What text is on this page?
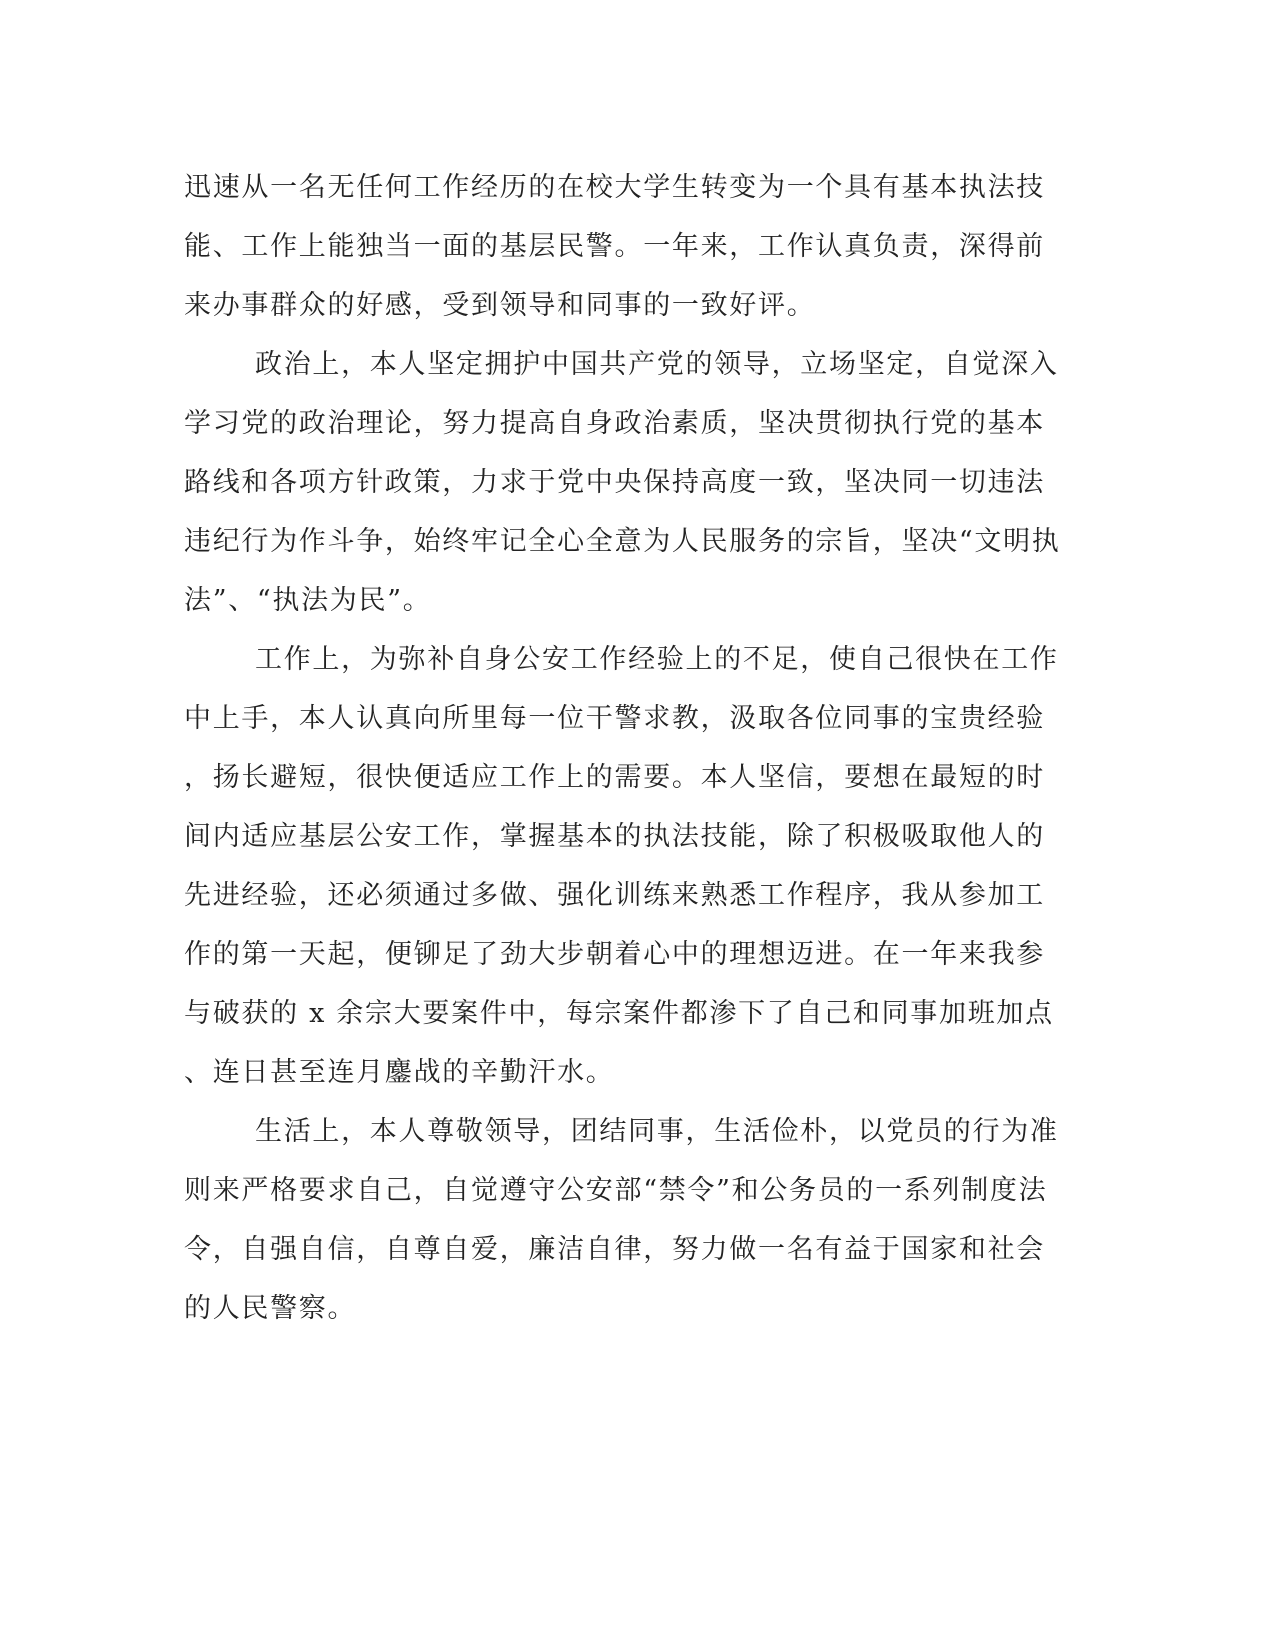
迅速从一名无任何工作经历的在校大学生转变为一个具有基本执法技
能、工作上能独当一面的基层民警。一年来，工作认真负责，深得前
来办事群众的好感，受到领导和同事的一致好评。
政治上，本人坚定拥护中国共产党的领导，立场坚定，自觉深入
学习党的政治理论，努力提高自身政治素质，坚决贯彻执行党的基本
路线和各项方针政策，力求于党中央保持高度一致，坚决同一切违法
违纪行为作斗争，始终牢记全心全意为人民服务的宗旨，坚决“文明执
法”、“执法为民”。
工作上，为弥补自身公安工作经验上的不足，使自己很快在工作
中上手，本人认真向所里每一位干警求教，汲取各位同事的宝贵经验
，扬长避短，很快便适应工作上的需要。本人坚信，要想在最短的时
间内适应基层公安工作，掌握基本的执法技能，除了积极吸取他人的
先进经验，还必须通过多做、强化训练来熟悉工作程序，我从参加工
作的第一天起，便铆足了劲大步朝着心中的理想迈进。在一年来我参
与破获的 x 余宗大要案件中，每宗案件都渗下了自己和同事加班加点
、连日甚至连月鏖战的辛勤汗水。
生活上，本人尊敬领导，团结同事，生活俭朴，以党员的行为准
则来严格要求自己，自觉遵守公安部“禁令”和公务员的一系列制度法
令，自强自信，自尊自爱，廉洁自律，努力做一名有益于国家和社会
的人民警察。
